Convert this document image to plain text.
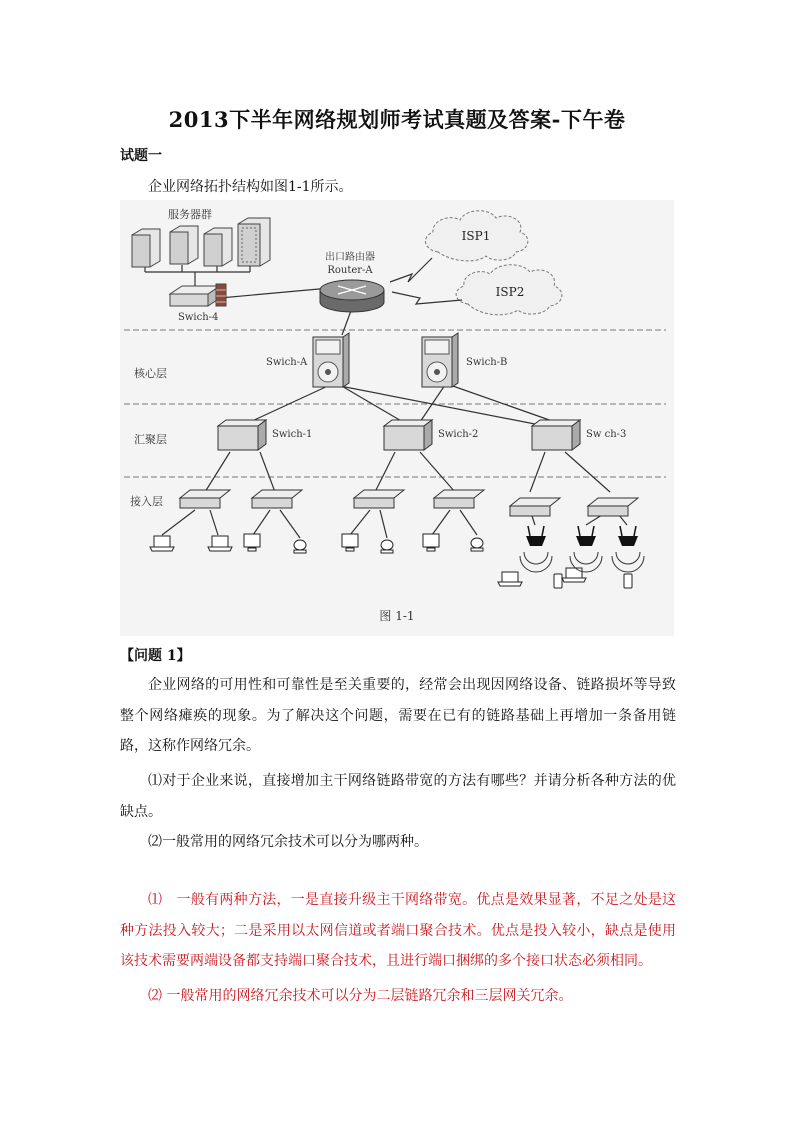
2013下半年网络规划师考试真题及答案-下午卷
试题一
企业网络拓扑结构如图1-1所示。
核心层
汇聚层
接入层
ISP1
ISP2
服务器群
Swich-4
出口路由器
Router-A
Swich-A	Swich-B
Swich-1	Swich-2	Sw ch-3
图 1-1
【问题 1】

企业网络的可用性和可靠性是至关重要的，经常会出现因网络设备、链路损坏等导致整个网络瘫痪的现象。为了解决这个问题，需要在已有的链路基础上再增加一条备用链路，这称作网络冗余。

⑴对于企业来说，直接增加主干网络链路带宽的方法有哪些？并请分析各种方法的优缺点。

⑵一般常用的网络冗余技术可以分为哪两种。

⑴　一般有两种方法，一是直接升级主干网络带宽。优点是效果显著，不足之处是这种方法投入较大；二是采用以太网信道或者端口聚合技术。优点是投入较小，缺点是使用该技术需要两端设备都支持端口聚合技术，且进行端口捆绑的多个接口状态必须相同。

⑵ 一般常用的网络冗余技术可以分为二层链路冗余和三层网关冗余。
